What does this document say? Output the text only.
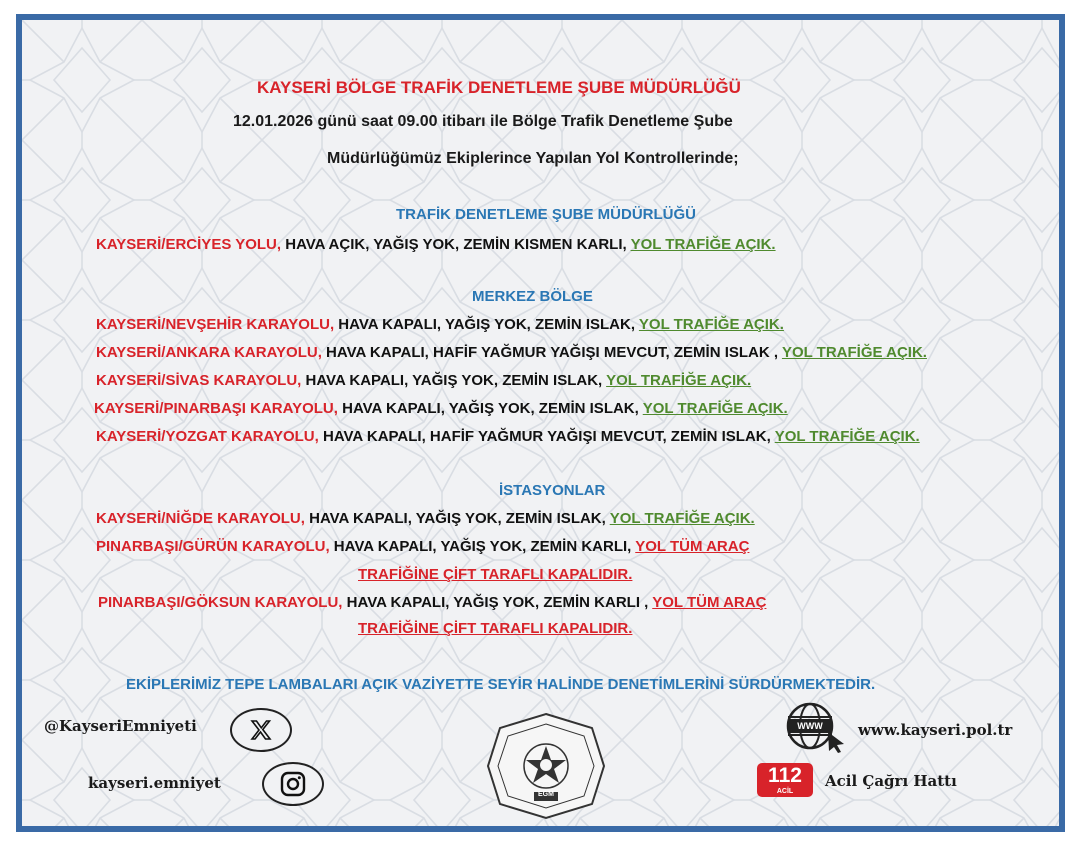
KAYSERİ BÖLGE TRAFİK DENETLEME ŞUBE MÜDÜRLÜĞÜ
12.01.2026 günü saat 09.00 itibarı ile Bölge Trafik Denetleme Şube
Müdürlüğümüz Ekiplerince Yapılan Yol Kontrollerinde;
TRAFİK DENETLEME ŞUBE MÜDÜRLÜĞÜ
KAYSERİ/ERCİYES YOLU, HAVA AÇIK, YAĞIŞ YOK, ZEMİN KISMEN KARLI, YOL TRAFİĞE AÇIK.
MERKEZ BÖLGE
KAYSERİ/NEVŞEHİR KARAYOLU, HAVA KAPALI, YAĞIŞ YOK, ZEMİN ISLAK, YOL TRAFİĞE AÇIK.
KAYSERİ/ANKARA KARAYOLU, HAVA KAPALI, HAFİF YAĞMUR YAĞIŞI MEVCUT, ZEMİN ISLAK , YOL TRAFİĞE AÇIK.
KAYSERİ/SİVAS KARAYOLU, HAVA KAPALI, YAĞIŞ YOK, ZEMİN ISLAK, YOL TRAFİĞE AÇIK.
KAYSERİ/PINARBAŞI KARAYOLU, HAVA KAPALI, YAĞIŞ YOK, ZEMİN ISLAK, YOL TRAFİĞE AÇIK.
KAYSERİ/YOZGAT KARAYOLU, HAVA KAPALI, HAFİF YAĞMUR YAĞIŞI MEVCUT, ZEMİN ISLAK, YOL TRAFİĞE AÇIK.
İSTASYONLAR
KAYSERİ/NİĞDE KARAYOLU, HAVA KAPALI, YAĞIŞ YOK, ZEMİN ISLAK, YOL TRAFİĞE AÇIK.
PINARBAŞI/GÜRÜN KARAYOLU, HAVA KAPALI, YAĞIŞ YOK, ZEMİN KARLI, YOL TÜM ARAÇ
TRAFİĞİNE ÇİFT TARAFLI KAPALIDIR.
PINARBAŞI/GÖKSUN KARAYOLU, HAVA KAPALI, YAĞIŞ YOK, ZEMİN KARLI , YOL TÜM ARAÇ
TRAFİĞİNE ÇİFT TARAFLI KAPALIDIR.
EKİPLERİMİZ TEPE LAMBALARI AÇIK VAZİYETTE SEYİR HALİNDE DENETİMLERİNİ SÜRDÜRMEKTEDİR.
@KayseriEmniyeti
kayseri.emniyet
EGM
WWW	www.kayseri.pol.tr
112
ACİL
Acil Çağrı Hattı
